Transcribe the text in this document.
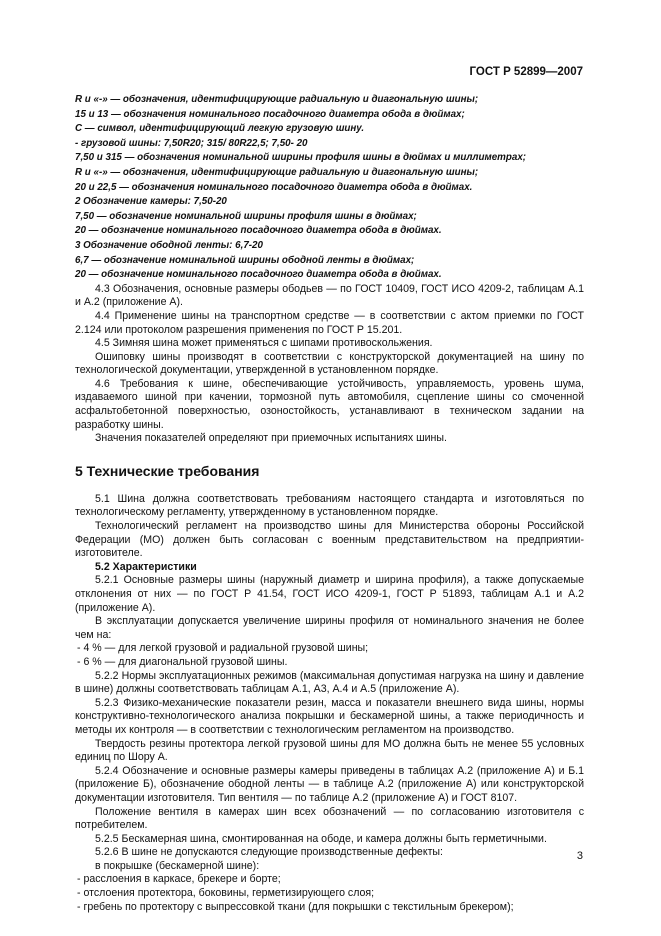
ГОСТ Р 52899—2007
R и «-» — обозначения, идентифицирующие радиальную и диагональную шины;
15 и 13 — обозначения номинального посадочного диаметра обода в дюймах;
C — символ, идентифицирующий легкую грузовую шину.
- грузовой шины: 7,50R20; 315/ 80R22,5; 7,50- 20
7,50 и 315 — обозначения номинальной ширины профиля шины в дюймах и миллиметрах;
R и «-» — обозначения, идентифицирующие радиальную и диагональную шины;
20 и 22,5 — обозначения номинального посадочного диаметра обода в дюймах.
2 Обозначение камеры: 7,50-20
7,50 — обозначение номинальной ширины профиля шины в дюймах;
20 — обозначение номинального посадочного диаметра обода в дюймах.
3 Обозначение ободной ленты: 6,7-20
6,7 — обозначение номинальной ширины ободной ленты в дюймах;
20 — обозначение номинального посадочного диаметра обода в дюймах.

4.3 Обозначения, основные размеры ободьев — по ГОСТ 10409, ГОСТ ИСО 4209-2, таблицам А.1 и А.2 (приложение А).

4.4 Применение шины на транспортном средстве — в соответствии с актом приемки по ГОСТ 2.124 или протоколом разрешения применения по ГОСТ Р 15.201.

4.5 Зимняя шина может применяться с шипами противоскольжения.

Ошиповку шины производят в соответствии с конструкторской документацией на шину по технологической документации, утвержденной в установленном порядке.

4.6 Требования к шине, обеспечивающие устойчивость, управляемость, уровень шума, издаваемого шиной при качении, тормозной путь автомобиля, сцепление шины со смоченной асфальтобетонной поверхностью, озоностойкость, устанавливают в техническом задании на разработку шины.

Значения показателей определяют при приемочных испытаниях шины.

5 Технические требования

5.1 Шина должна соответствовать требованиям настоящего стандарта и изготовляться по технологическому регламенту, утвержденному в установленном порядке.

Технологический регламент на производство шины для Министерства обороны Российской Федерации (МО) должен быть согласован с военным представительством на предприятии-изготовителе.

5.2 Характеристики

5.2.1 Основные размеры шины (наружный диаметр и ширина профиля), а также допускаемые отклонения от них — по ГОСТ Р 41.54, ГОСТ ИСО 4209-1, ГОСТ Р 51893, таблицам А.1 и А.2 (приложение А).

В эксплуатации допускается увеличение ширины профиля от номинального значения не более чем на:

- 4 % — для легкой грузовой и радиальной грузовой шины;
- 6 % — для диагональной грузовой шины.

5.2.2 Нормы эксплуатационных режимов (максимальная допустимая нагрузка на шину и давление в шине) должны соответствовать таблицам А.1, А3, А.4 и А.5 (приложение А).

5.2.3 Физико-механические показатели резин, масса и показатели внешнего вида шины, нормы конструктивно-технологического анализа покрышки и бескамерной шины, а также периодичность и методы их контроля — в соответствии с технологическим регламентом на производство.

Твердость резины протектора легкой грузовой шины для МО должна быть не менее 55 условных единиц по Шору А.

5.2.4 Обозначение и основные размеры камеры приведены в таблицах А.2 (приложение А) и Б.1 (приложение Б), обозначение ободной ленты — в таблице А.2 (приложение А) или конструкторской документации изготовителя. Тип вентиля — по таблице А.2 (приложение А) и ГОСТ 8107.

Положение вентиля в камерах шин всех обозначений — по согласованию изготовителя с потребителем.

5.2.5 Бескамерная шина, смонтированная на ободе, и камера должны быть герметичными.

5.2.6 В шине не допускаются следующие производственные дефекты:

в покрышке (бескамерной шине):

- расслоения в каркасе, брекере и борте;
- отслоения протектора, боковины, герметизирующего слоя;
- гребень по протектору с выпрессовкой ткани (для покрышки с текстильным брекером);
3
